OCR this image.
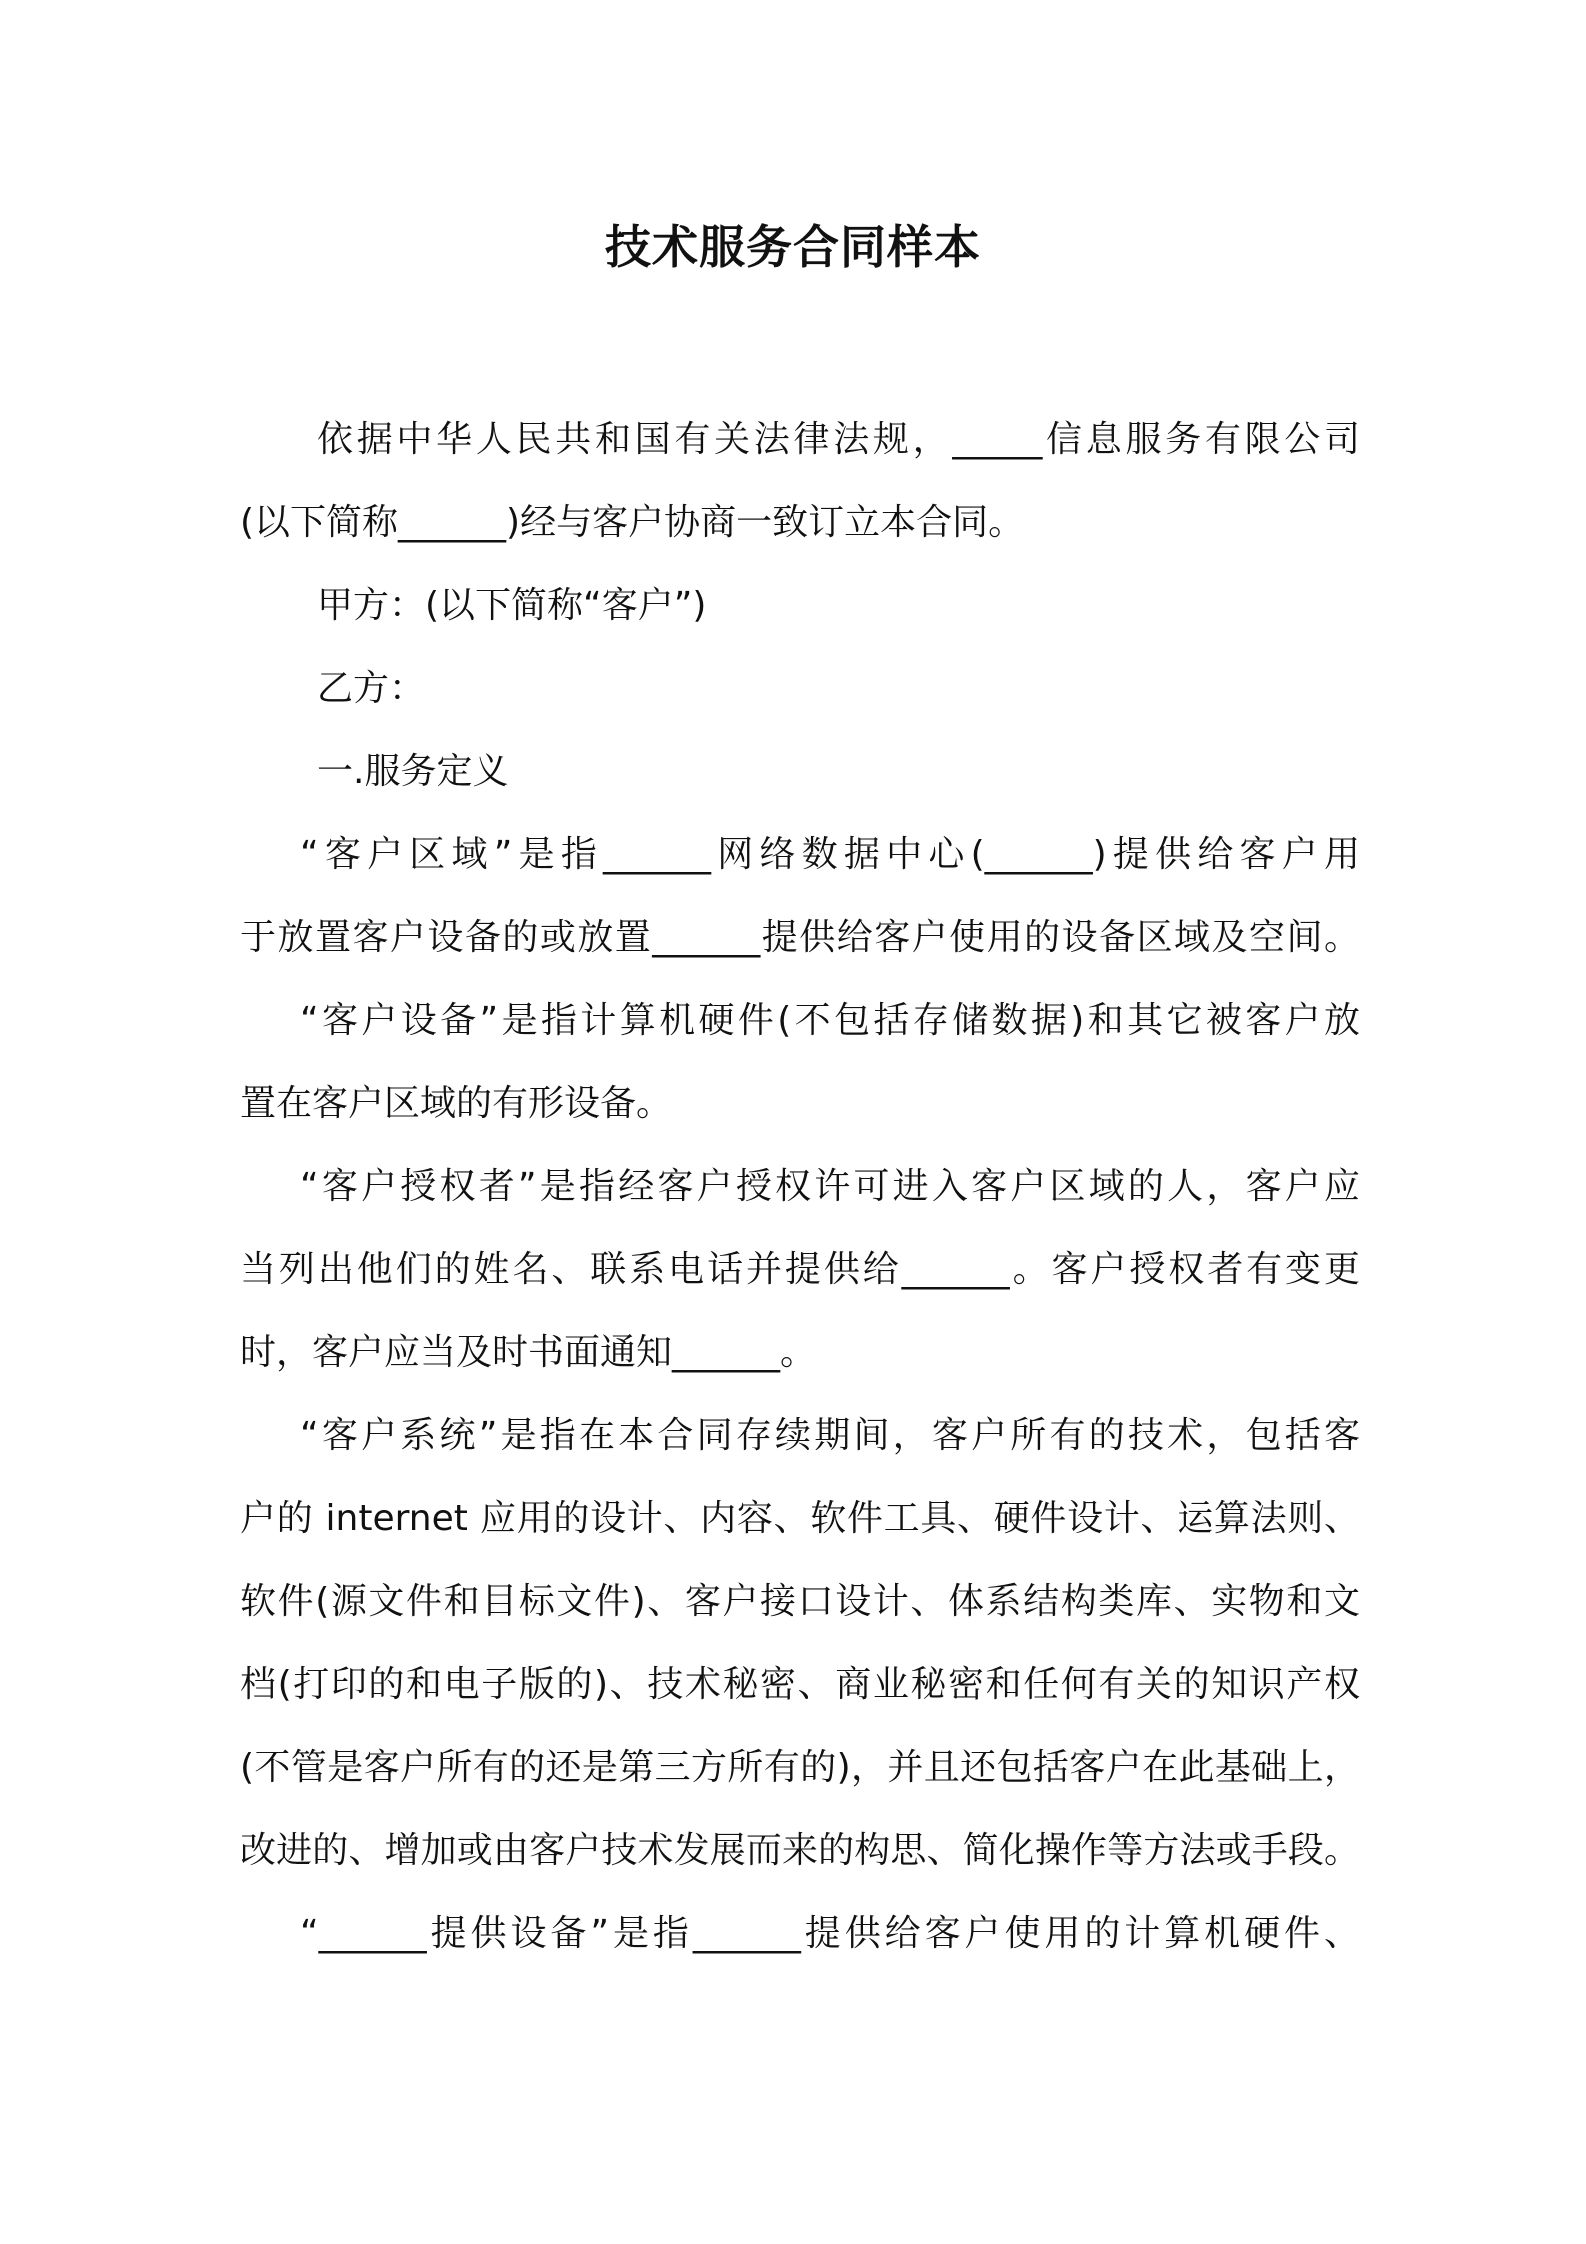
技术服务合同样本

依据中华人民共和国有关法律法规，_____信息服务有限公司
(以下简称______)经与客户协商一致订立本合同。

甲方：(以下简称“客户”)

乙方：

一.服务定义

“客户区域”是指______网络数据中心(______)提供给客户用
于放置客户设备的或放置______提供给客户使用的设备区域及空间。

“客户设备”是指计算机硬件(不包括存储数据)和其它被客户放
置在客户区域的有形设备。

“客户授权者”是指经客户授权许可进入客户区域的人，客户应
当列出他们的姓名、联系电话并提供给______。客户授权者有变更
时，客户应当及时书面通知______。

“客户系统”是指在本合同存续期间，客户所有的技术，包括客
户的 internet 应用的设计、内容、软件工具、硬件设计、运算法则、
软件(源文件和目标文件)、客户接口设计、体系结构类库、实物和文
档(打印的和电子版的)、技术秘密、商业秘密和任何有关的知识产权
(不管是客户所有的还是第三方所有的)，并且还包括客户在此基础上，
改进的、增加或由客户技术发展而来的构思、简化操作等方法或手段。

“______提供设备”是指______提供给客户使用的计算机硬件、
